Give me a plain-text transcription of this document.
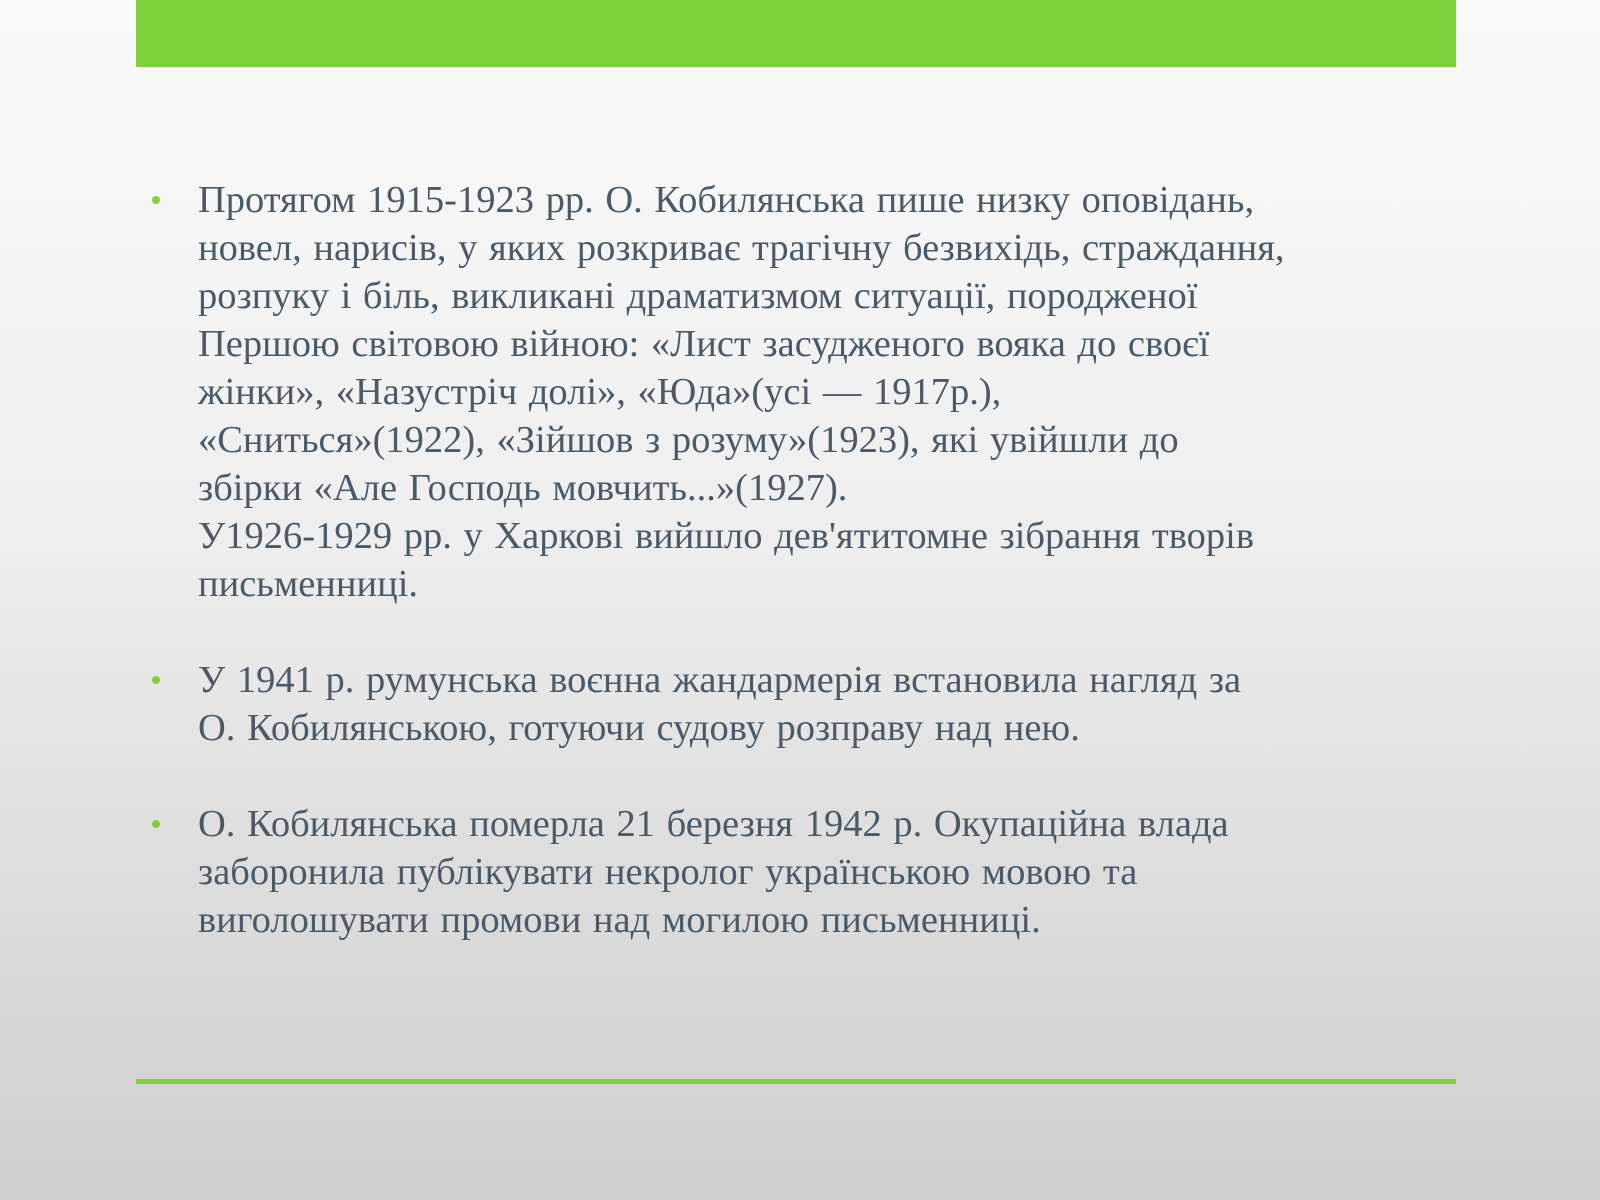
Протягом 1915-1923 рр. О. Кобилянська пише низку оповідань,
новел, нарисів, у яких розкриває трагічну безвихідь, страждання,
розпуку і біль, викликані драматизмом ситуації, породженої
Першою світовою війною: «Лист засудженого вояка до своєї
жінки», «Назустріч долі», «Юда»(усі — 1917р.),
«Сниться»(1922), «Зійшов з розуму»(1923), які увійшли до
збірки «Але Господь мовчить...»(1927).
У1926-1929 рр. у Харкові вийшло дев'ятитомне зібрання творів
письменниці.
У 1941 р. румунська воєнна жандармерія встановила нагляд за
О. Кобилянською, готуючи судову розправу над нею.
О. Кобилянська померла 21 березня 1942 р. Окупаційна влада
заборонила публікувати некролог українською мовою та
виголошувати промови над могилою письменниці.
